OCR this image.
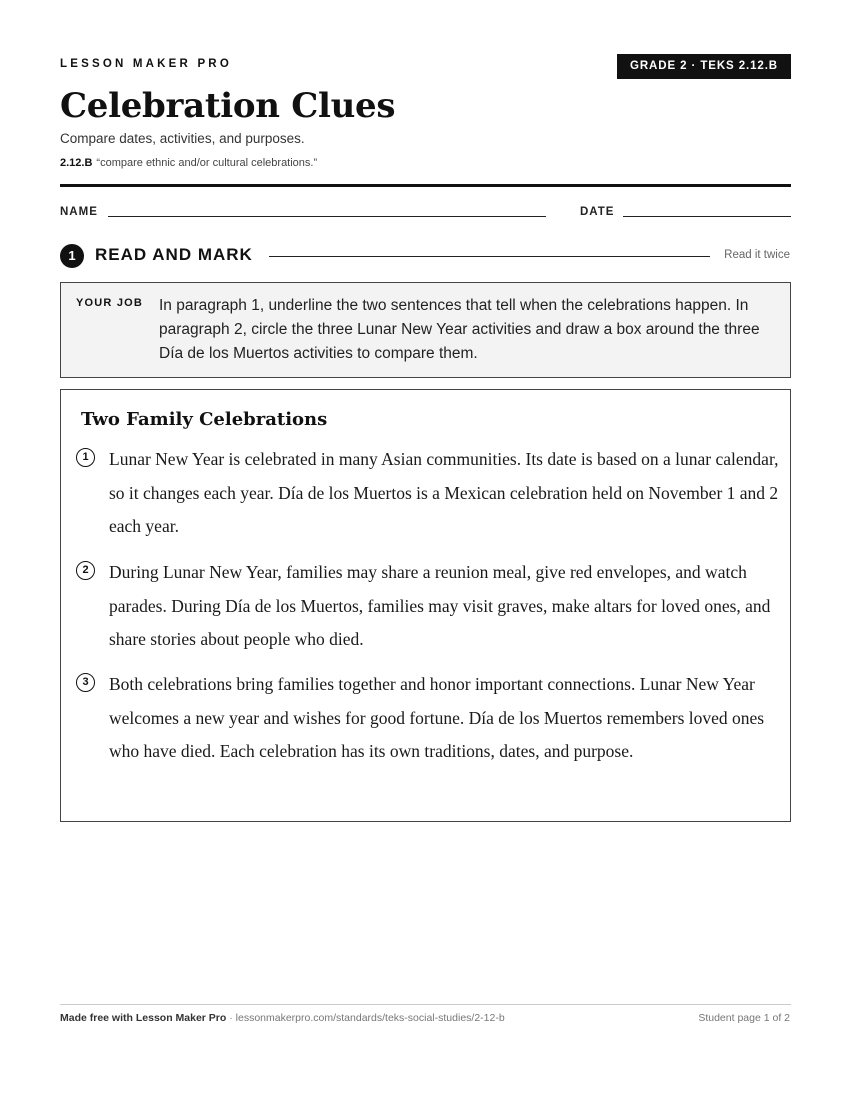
LESSON MAKER PRO	GRADE 2 · TEKS 2.12.B
Celebration Clues
Compare dates, activities, and purposes.
2.12.B “compare ethnic and/or cultural celebrations.”
NAME	DATE
1	READ AND MARK	Read it twice
YOUR JOB In paragraph 1, underline the two sentences that tell when the celebrations happen. In paragraph 2, circle the three Lunar New Year activities and draw a box around the three Día de los Muertos activities to compare them.
Two Family Celebrations
1	Lunar New Year is celebrated in many Asian communities. Its date is based on a lunar calendar, so it changes each year. Día de los Muertos is a Mexican celebration held on November 1 and 2 each year.
2	During Lunar New Year, families may share a reunion meal, give red envelopes, and watch parades. During Día de los Muertos, families may visit graves, make altars for loved ones, and share stories about people who died.
3	Both celebrations bring families together and honor important connections. Lunar New Year welcomes a new year and wishes for good fortune. Día de los Muertos remembers loved ones who have died. Each celebration has its own traditions, dates, and purpose.
Made free with Lesson Maker Pro · lessonmakerpro.com/standards/teks-social-studies/2-12-b	Student page 1 of 2
